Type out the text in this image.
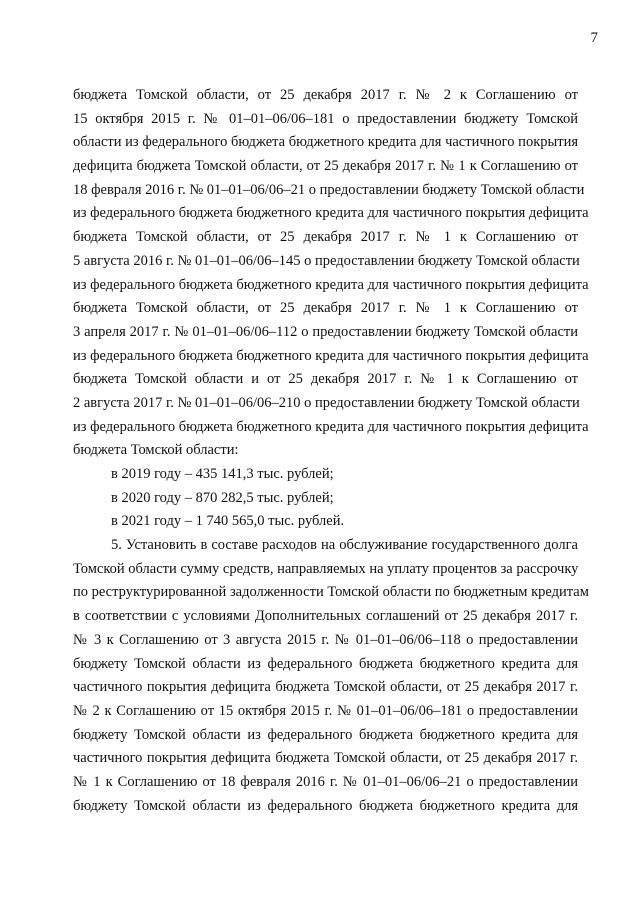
7
бюджета Томской области, от 25 декабря 2017 г. № 2 к Соглашению от
15 октября 2015 г. № 01–01–06/06–181 о предоставлении бюджету Томской
области из федерального бюджета бюджетного кредита для частичного покрытия
дефицита бюджета Томской области, от 25 декабря 2017 г. № 1 к Соглашению от
18 февраля 2016 г. № 01–01–06/06–21 о предоставлении бюджету Томской области
из федерального бюджета бюджетного кредита для частичного покрытия дефицита
бюджета Томской области, от 25 декабря 2017 г. № 1 к Соглашению от
5 августа 2016 г. № 01–01–06/06–145 о предоставлении бюджету Томской области
из федерального бюджета бюджетного кредита для частичного покрытия дефицита
бюджета Томской области, от 25 декабря 2017 г. № 1 к Соглашению от
3 апреля 2017 г. № 01–01–06/06–112 о предоставлении бюджету Томской области
из федерального бюджета бюджетного кредита для частичного покрытия дефицита
бюджета Томской области и от 25 декабря 2017 г. № 1 к Соглашению от
2 августа 2017 г. № 01–01–06/06–210 о предоставлении бюджету Томской области
из федерального бюджета бюджетного кредита для частичного покрытия дефицита
бюджета Томской области:
в 2019 году – 435 141,3 тыс. рублей;
в 2020 году – 870 282,5 тыс. рублей;
в 2021 году – 1 740 565,0 тыс. рублей.
5. Установить в составе расходов на обслуживание государственного долга
Томской области сумму средств, направляемых на уплату процентов за рассрочку
по реструктурированной задолженности Томской области по бюджетным кредитам
в соответствии с условиями Дополнительных соглашений от 25 декабря 2017 г.
№ 3 к Соглашению от 3 августа 2015 г. № 01–01–06/06–118 о предоставлении
бюджету Томской области из федерального бюджета бюджетного кредита для
частичного покрытия дефицита бюджета Томской области, от 25 декабря 2017 г.
№ 2 к Соглашению от 15 октября 2015 г. № 01–01–06/06–181 о предоставлении
бюджету Томской области из федерального бюджета бюджетного кредита для
частичного покрытия дефицита бюджета Томской области, от 25 декабря 2017 г.
№ 1 к Соглашению от 18 февраля 2016 г. № 01–01–06/06–21 о предоставлении
бюджету Томской области из федерального бюджета бюджетного кредита для
